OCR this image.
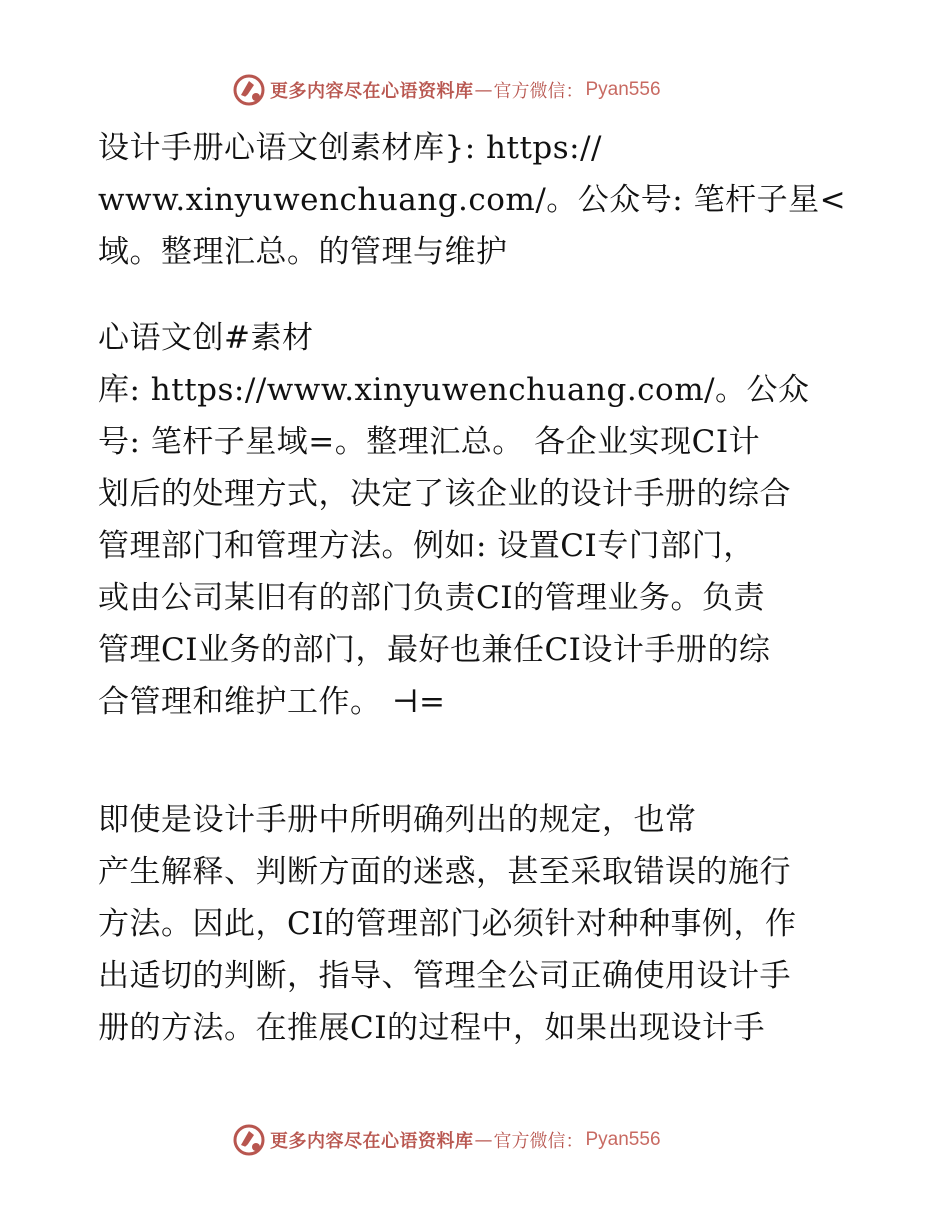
更多内容尽在心语资料库 — 官方微信： Pyan556
设计手册心语文创素材库}: https://
www.xinyuwenchuang.com/。公众号: 笔杆子星<
域。整理汇总。的管理与维护
心语文创#素材
库: https://www.xinyuwenchuang.com/。公众
号: 笔杆子星域=。整理汇总。 各企业实现CI计
划后的处理方式，决定了该企业的设计手册的综合
管理部门和管理方法。例如: 设置CI专门部门，
或由公司某旧有的部门负责CI的管理业务。负责
管理CI业务的部门，最好也兼任CI设计手册的综
合管理和维护工作。 ⊣=
即使是设计手册中所明确列出的规定，也常
产生解释、判断方面的迷惑，甚至采取错误的施行
方法。因此，CI的管理部门必须针对种种事例，作
出适切的判断，指导、管理全公司正确使用设计手
册的方法。在推展CI的过程中，如果出现设计手
更多内容尽在心语资料库 — 官方微信： Pyan556
